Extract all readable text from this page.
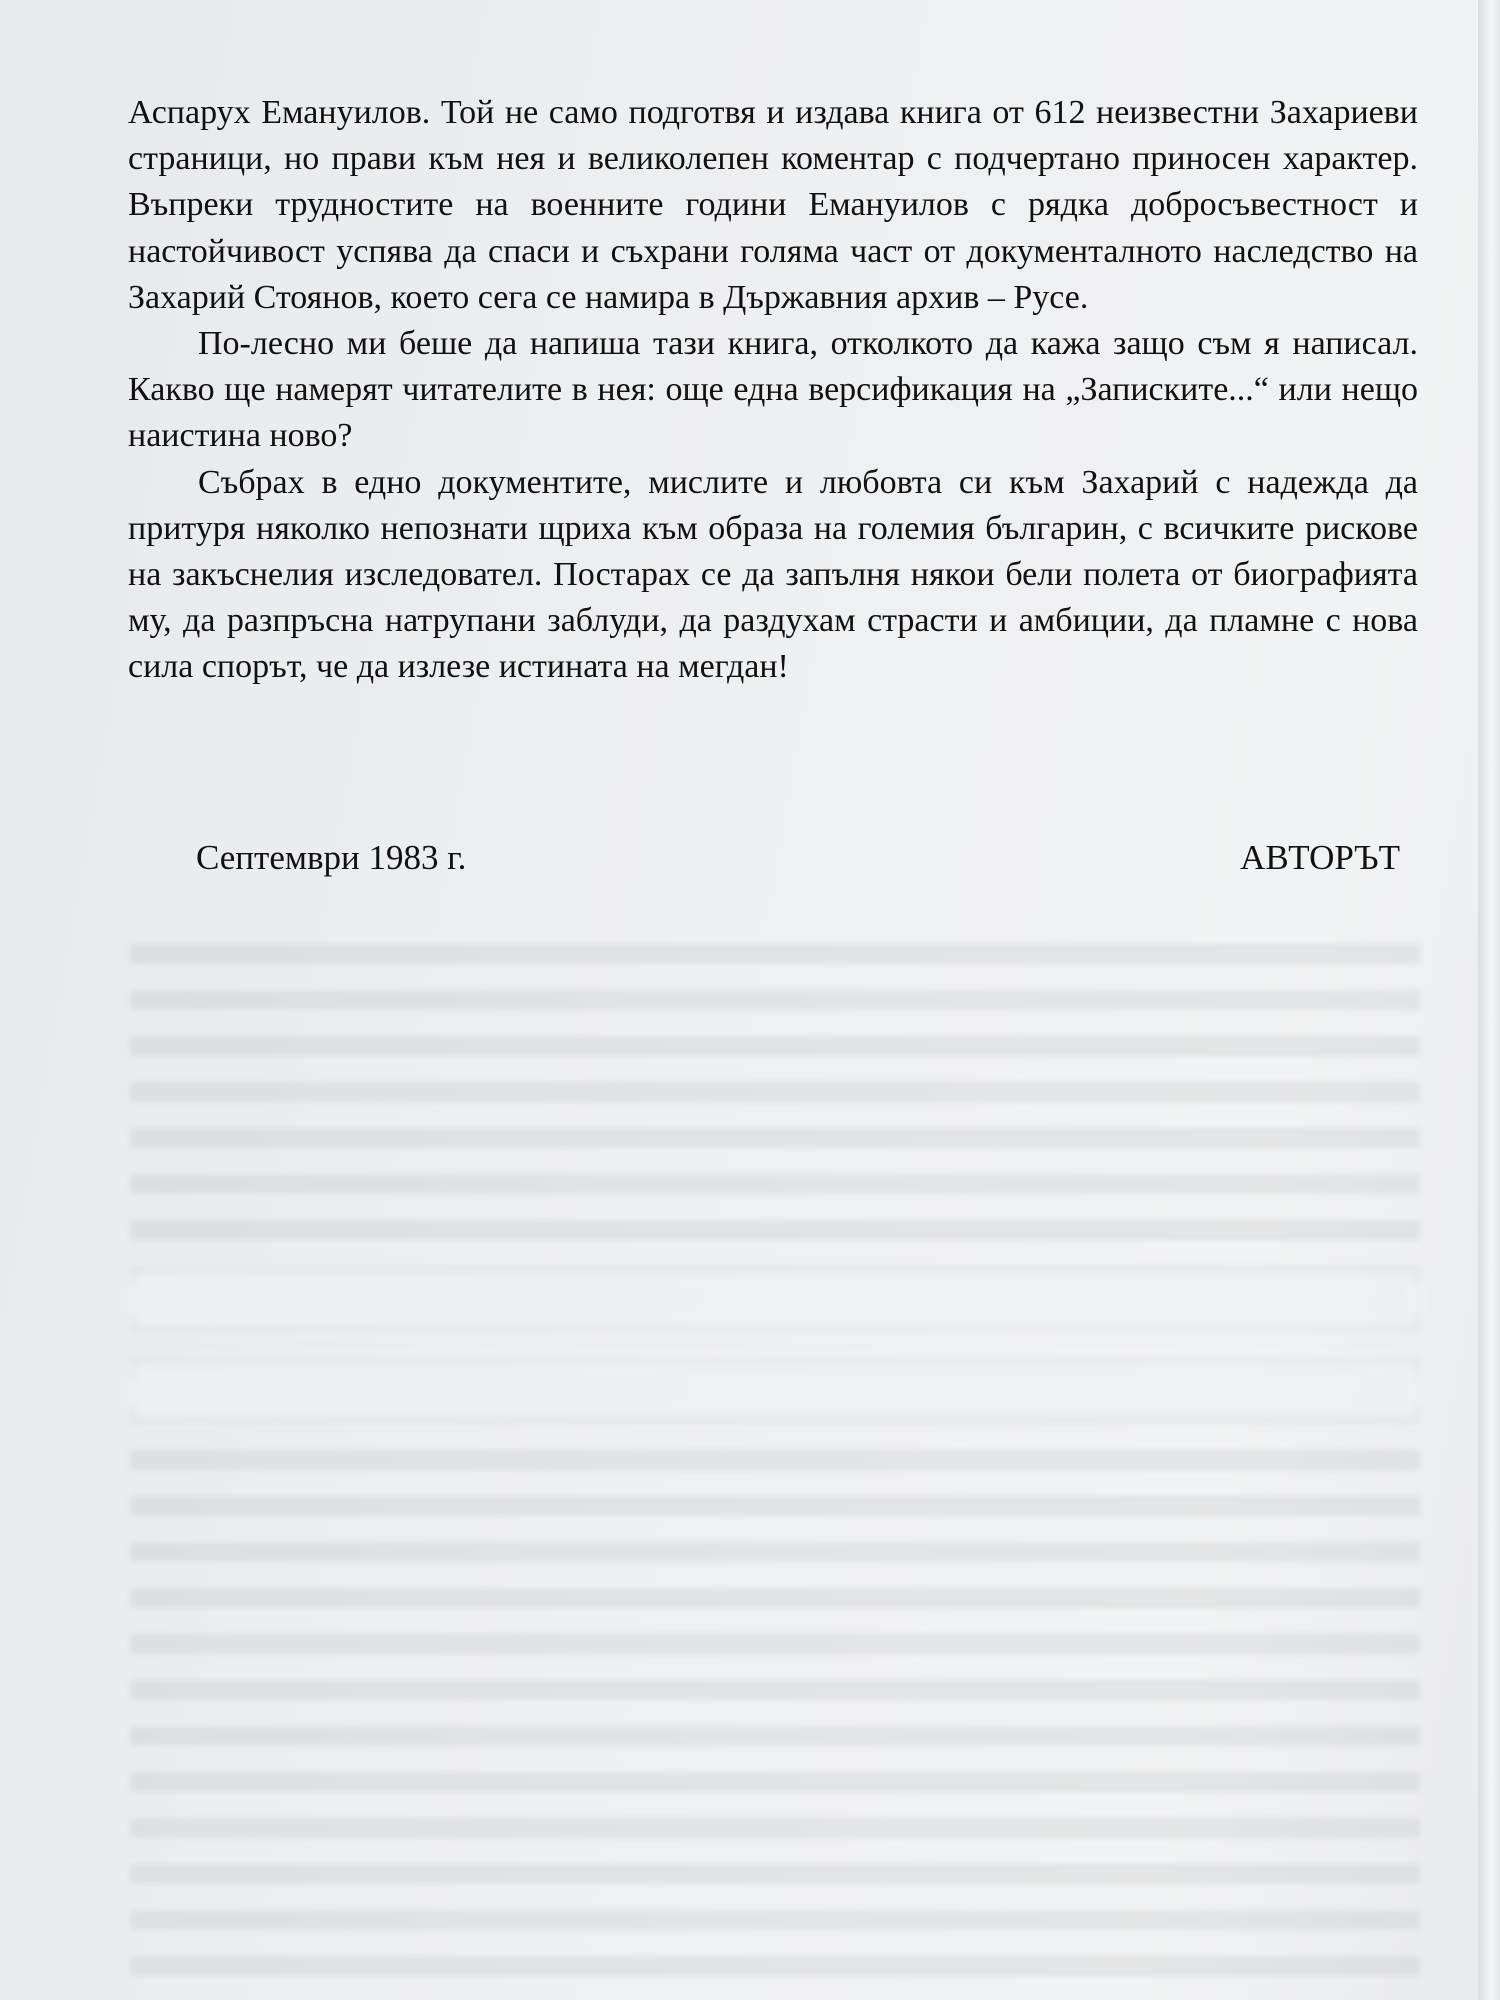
Аспарух Емануилов. Той не само подготвя и издава книга от 612 неизвестни Захариеви страници, но прави към нея и великолепен коментар с подчертано приносен характер. Въпреки трудностите на военните години Емануилов с рядка добросъвестност и настойчивост успява да спаси и съхрани голяма част от документалното наследство на Захарий Стоянов, което сега се намира в Държавния архив – Русе.

По-лесно ми беше да напиша тази книга, отколкото да кажа защо съм я написал. Какво ще намерят читателите в нея: още една версификация на „Записките...“ или нещо наистина ново?

Събрах в едно документите, мислите и любовта си към Захарий с надежда да притуря няколко непознати щриха към образа на големия българин, с всичките рискове на закъснелия изследовател. Постарах се да запълня някои бели полета от биографията му, да разпръсна натрупани заблуди, да раздухам страсти и амбиции, да пламне с нова сила спорът, че да излезе истината на мегдан!

Септември 1983 г.	АВТОРЪТ
